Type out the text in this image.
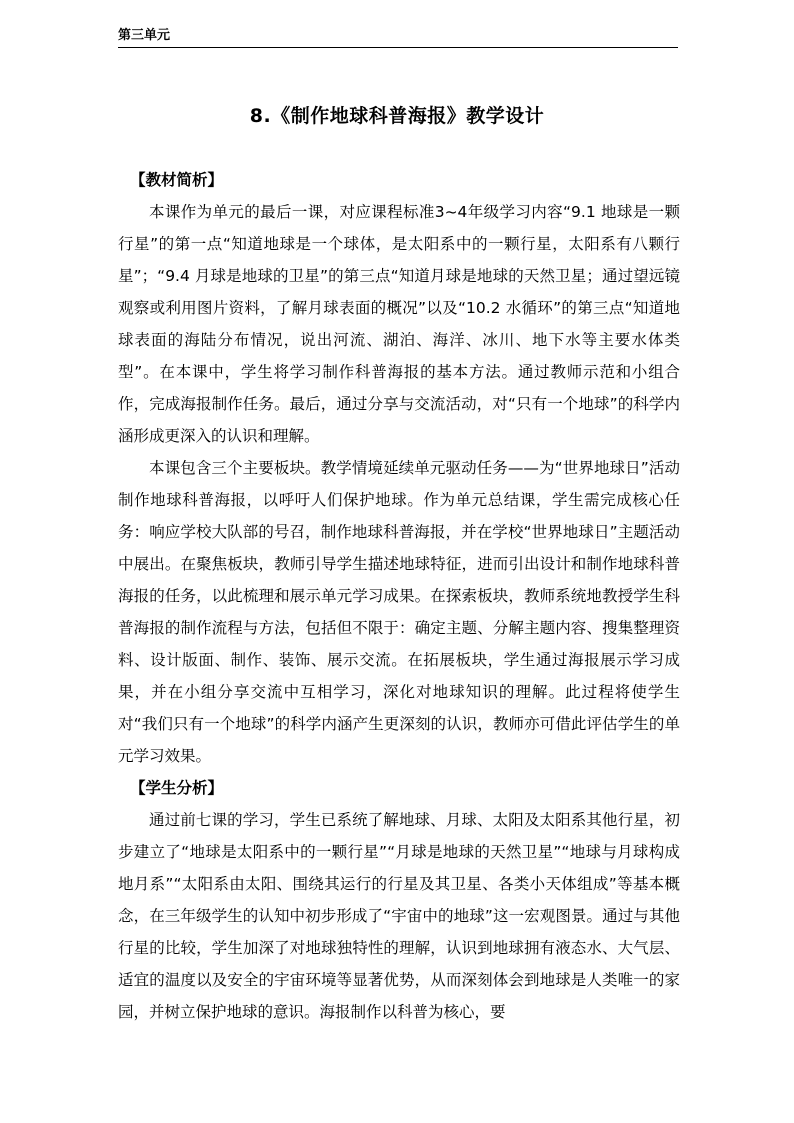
第三单元
8.《制作地球科普海报》教学设计

【教材简析】

本课作为单元的最后一课，对应课程标准3~4年级学习内容“9.1 地球是一颗行星”的第一点“知道地球是一个球体，是太阳系中的一颗行星，太阳系有八颗行星”；“9.4 月球是地球的卫星”的第三点“知道月球是地球的天然卫星；通过望远镜观察或利用图片资料，了解月球表面的概况”以及“10.2 水循环”的第三点“知道地球表面的海陆分布情况，说出河流、湖泊、海洋、冰川、地下水等主要水体类型”。在本课中，学生将学习制作科普海报的基本方法。通过教师示范和小组合作，完成海报制作任务。最后，通过分享与交流活动，对“只有一个地球”的科学内涵形成更深入的认识和理解。

本课包含三个主要板块。教学情境延续单元驱动任务——为“世界地球日”活动制作地球科普海报，以呼吁人们保护地球。作为单元总结课，学生需完成核心任务：响应学校大队部的号召，制作地球科普海报，并在学校“世界地球日”主题活动中展出。在聚焦板块，教师引导学生描述地球特征，进而引出设计和制作地球科普海报的任务，以此梳理和展示单元学习成果。在探索板块，教师系统地教授学生科普海报的制作流程与方法，包括但不限于：确定主题、分解主题内容、搜集整理资料、设计版面、制作、装饰、展示交流。在拓展板块，学生通过海报展示学习成果，并在小组分享交流中互相学习，深化对地球知识的理解。此过程将使学生对“我们只有一个地球”的科学内涵产生更深刻的认识，教师亦可借此评估学生的单元学习效果。

【学生分析】

通过前七课的学习，学生已系统了解地球、月球、太阳及太阳系其他行星，初步建立了“地球是太阳系中的一颗行星”“月球是地球的天然卫星”“地球与月球构成地月系”“太阳系由太阳、围绕其运行的行星及其卫星、各类小天体组成”等基本概念，在三年级学生的认知中初步形成了“宇宙中的地球”这一宏观图景。通过与其他行星的比较，学生加深了对地球独特性的理解，认识到地球拥有液态水、大气层、适宜的温度以及安全的宇宙环境等显著优势，从而深刻体会到地球是人类唯一的家园，并树立保护地球的意识。海报制作以科普为核心，要
